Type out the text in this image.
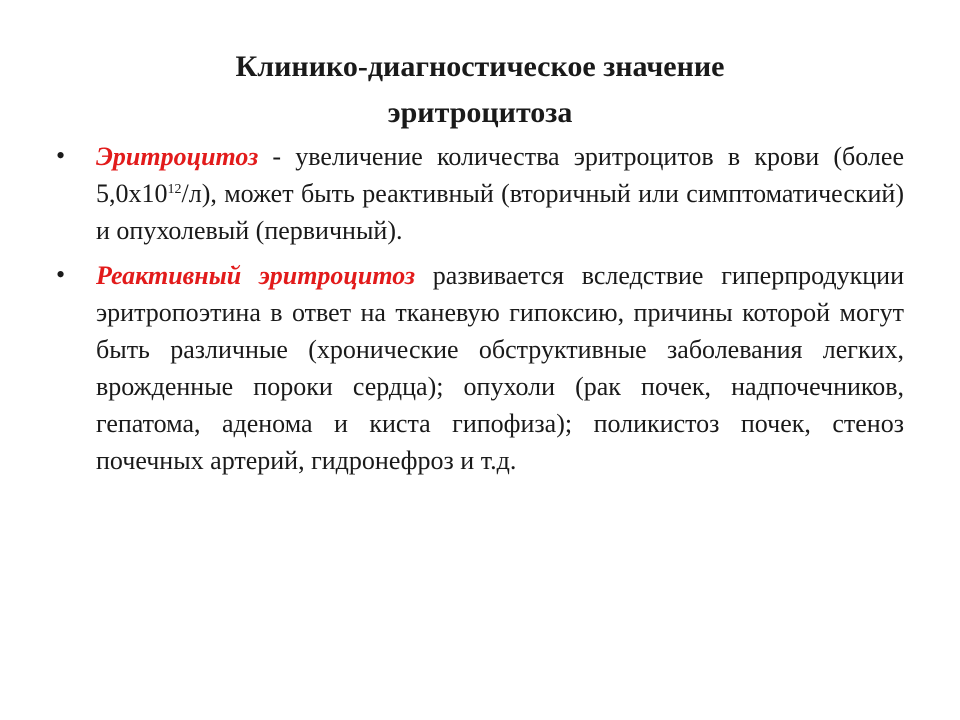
Клинико-диагностическое значение
эритроцитоза
• Эритроцитоз - увеличение количества эритроцитов в крови (более $5,0х10^{12}/л$), может быть реактивный (вторичный или симптоматический) и опухолевый (первичный).
• Реактивный эритроцитоз развивается вследствие гиперпродукции эритропоэтина в ответ на тканевую гипоксию, причины которой могут быть различные (хронические обструктивные заболевания легких, врожденные пороки сердца); опухоли (рак почек, надпочечников, гепатома, аденома и киста гипофиза); поликистоз почек, стеноз почечных артерий, гидронефроз и т.д.
